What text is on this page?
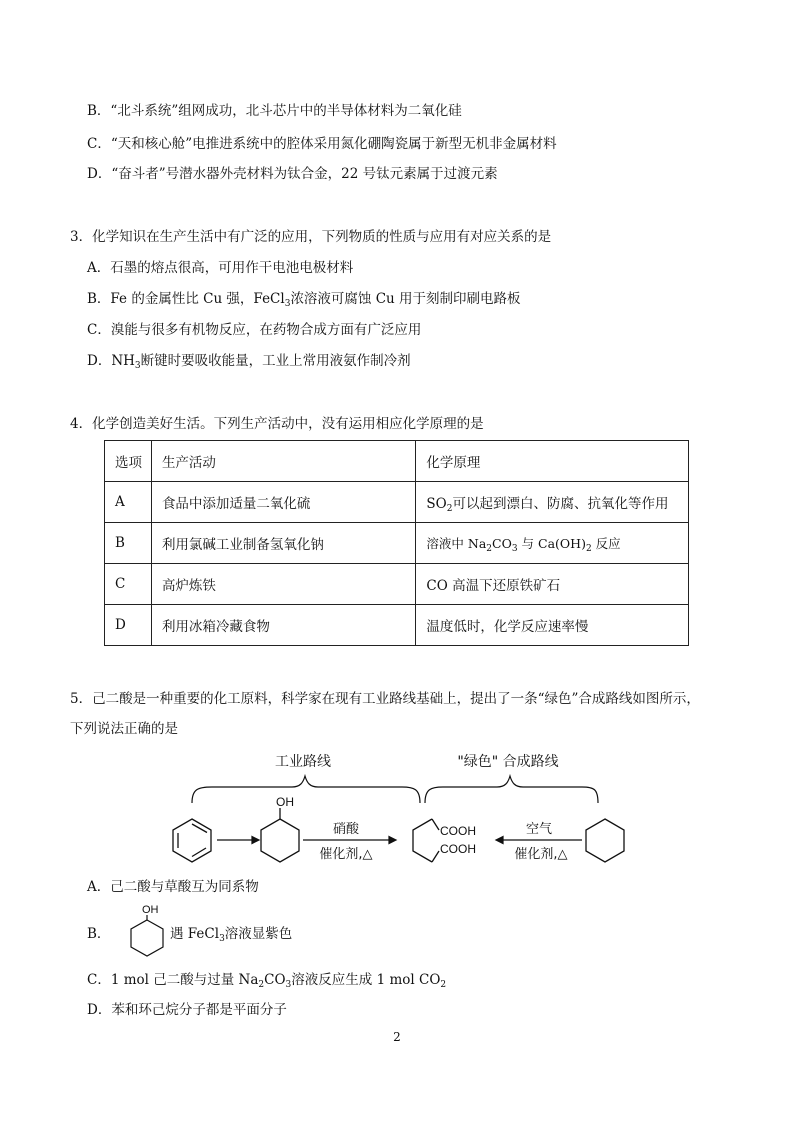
B．“北斗系统”组网成功，北斗芯片中的半导体材料为二氧化硅
C．“天和核心舱”电推进系统中的腔体采用氮化硼陶瓷属于新型无机非金属材料
D．“奋斗者”号潜水器外壳材料为钛合金，22 号钛元素属于过渡元素
3．化学知识在生产生活中有广泛的应用，下列物质的性质与应用有对应关系的是
A．石墨的熔点很高，可用作干电池电极材料
B．Fe 的金属性比 Cu 强，FeCl$_3$浓溶液可腐蚀 Cu 用于刻制印刷电路板
C．溴能与很多有机物反应，在药物合成方面有广泛应用
D．$NH_3$断键时要吸收能量，工业上常用液氨作制冷剂
4．化学创造美好生活。下列生产活动中，没有运用相应化学原理的是
选项	生产活动	化学原理
A	食品中添加适量二氧化硫	$SO_2$可以起到漂白、防腐、抗氧化等作用
B	利用氯碱工业制备氢氧化钠	溶液中 $Na_2CO_3$ 与 $Ca(OH)_2$ 反应
C	高炉炼铁	CO 高温下还原铁矿石
D	利用冰箱冷藏食物	温度低时，化学反应速率慢
5．己二酸是一种重要的化工原料，科学家在现有工业路线基础上，提出了一条“绿色”合成路线如图所示，
下列说法正确的是
工业路线	"绿色" 合成路线
OH
硝酸
催化剂,△
COOH
COOH
空气
催化剂,△
A．己二酸与草酸互为同系物
B．
OH
遇 FeCl$_3$溶液显紫色
C．1 mol 己二酸与过量 $Na_2CO_3$溶液反应生成 1 mol $CO_2$
D．苯和环己烷分子都是平面分子
2
